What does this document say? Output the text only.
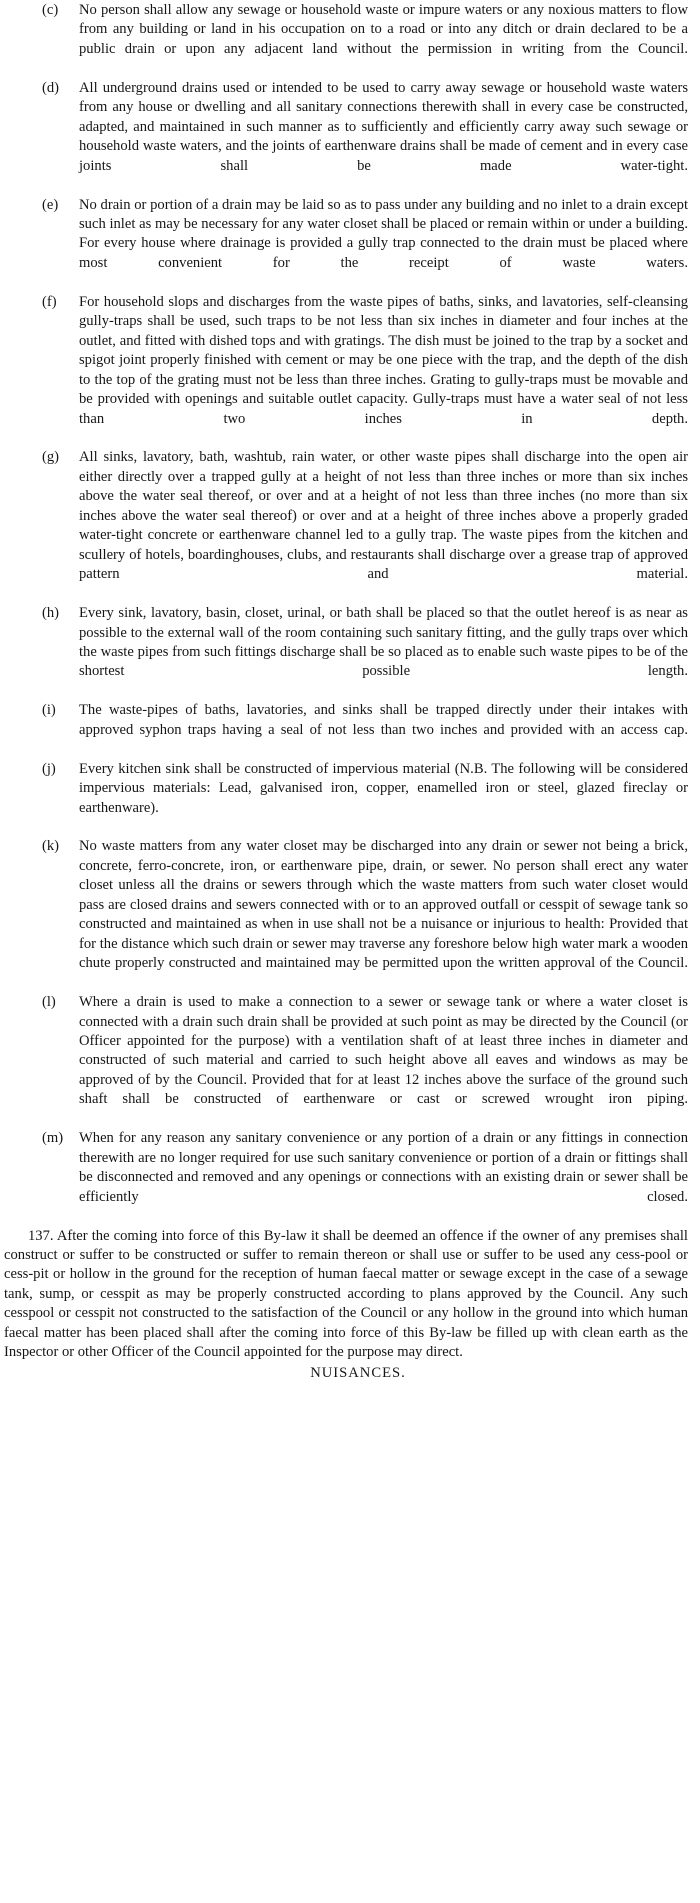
(c)	No person shall allow any sewage or household waste or impure waters or any noxious matters to flow from any building or land in his occupation on to a road or into any ditch or drain declared to be a public drain or upon any adjacent land without the permission in writing from the Council.
(d)	All underground drains used or intended to be used to carry away sewage or household waste waters from any house or dwelling and all sanitary connections therewith shall in every case be constructed, adapted, and maintained in such manner as to sufficiently and efficiently carry away such sewage or household waste waters, and the joints of earthenware drains shall be made of cement and in every case joints shall be made water-tight.
(e)	No drain or portion of a drain may be laid so as to pass under any building and no inlet to a drain except such inlet as may be necessary for any water closet shall be placed or remain within or under a building. For every house where drainage is provided a gully trap connected to the drain must be placed where most convenient for the receipt of waste waters.
(f)	For household slops and discharges from the waste pipes of baths, sinks, and lavatories, self-cleansing gully-traps shall be used, such traps to be not less than six inches in diameter and four inches at the outlet, and fitted with dished tops and with gratings. The dish must be joined to the trap by a socket and spigot joint properly finished with cement or may be one piece with the trap, and the depth of the dish to the top of the grating must not be less than three inches. Grating to gully-traps must be movable and be provided with openings and suitable outlet capacity. Gully-traps must have a water seal of not less than two inches in depth.
(g)	All sinks, lavatory, bath, washtub, rain water, or other waste pipes shall discharge into the open air either directly over a trapped gully at a height of not less than three inches or more than six inches above the water seal thereof, or over and at a height of not less than three inches (no more than six inches above the water seal thereof) or over and at a height of three inches above a properly graded water-tight concrete or earthenware channel led to a gully trap. The waste pipes from the kitchen and scullery of hotels, boardinghouses, clubs, and restaurants shall discharge over a grease trap of approved pattern and material.
(h)	Every sink, lavatory, basin, closet, urinal, or bath shall be placed so that the outlet hereof is as near as possible to the external wall of the room containing such sanitary fitting, and the gully traps over which the waste pipes from such fittings discharge shall be so placed as to enable such waste pipes to be of the shortest possible length.
(i)	The waste-pipes of baths, lavatories, and sinks shall be trapped directly under their intakes with approved syphon traps having a seal of not less than two inches and provided with an access cap.
(j)	Every kitchen sink shall be constructed of impervious material (N.B. The following will be considered impervious materials: Lead, galvanised iron, copper, enamelled iron or steel, glazed fireclay or earthenware).
(k)	No waste matters from any water closet may be discharged into any drain or sewer not being a brick, concrete, ferro-concrete, iron, or earthenware pipe, drain, or sewer. No person shall erect any water closet unless all the drains or sewers through which the waste matters from such water closet would pass are closed drains and sewers connected with or to an approved outfall or cesspit of sewage tank so constructed and maintained as when in use shall not be a nuisance or injurious to health: Provided that for the distance which such drain or sewer may traverse any foreshore below high water mark a wooden chute properly constructed and maintained may be permitted upon the written approval of the Council.
(l)	Where a drain is used to make a connection to a sewer or sewage tank or where a water closet is connected with a drain such drain shall be provided at such point as may be directed by the Council (or Officer appointed for the purpose) with a ventilation shaft of at least three inches in diameter and constructed of such material and carried to such height above all eaves and windows as may be approved of by the Council. Provided that for at least 12 inches above the surface of the ground such shaft shall be constructed of earthenware or cast or screwed wrought iron piping.
(m)	When for any reason any sanitary convenience or any portion of a drain or any fittings in connection therewith are no longer required for use such sanitary convenience or portion of a drain or fittings shall be disconnected and removed and any openings or connections with an existing drain or sewer shall be efficiently closed.
137. After the coming into force of this By-law it shall be deemed an offence if the owner of any premises shall construct or suffer to be constructed or suffer to remain thereon or shall use or suffer to be used any cess-pool or cess-pit or hollow in the ground for the reception of human faecal matter or sewage except in the case of a sewage tank, sump, or cesspit as may be properly constructed according to plans approved by the Council. Any such cesspool or cesspit not constructed to the satisfaction of the Council or any hollow in the ground into which human faecal matter has been placed shall after the coming into force of this By-law be filled up with clean earth as the Inspector or other Officer of the Council appointed for the purpose may direct.
NUISANCES.
